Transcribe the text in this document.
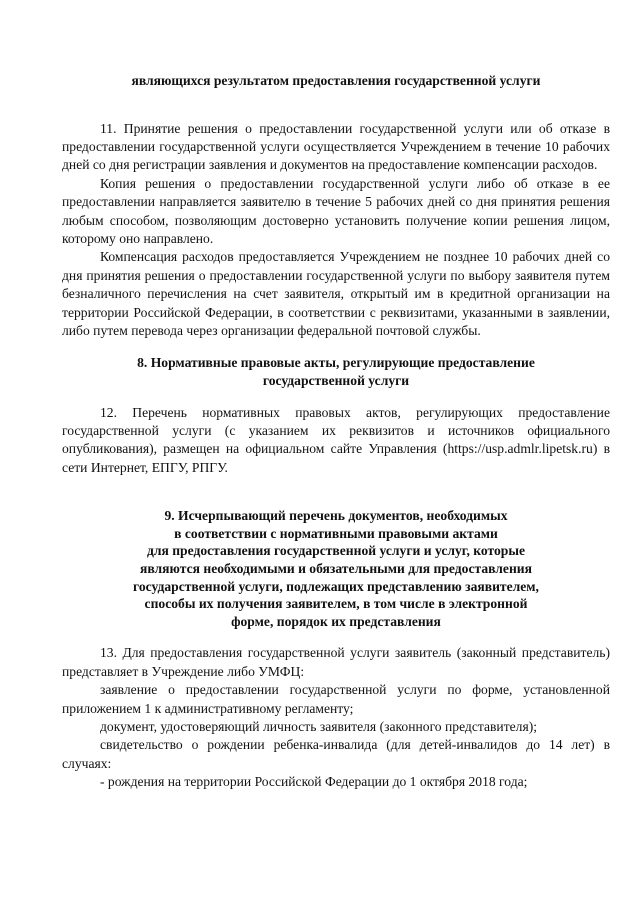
являющихся результатом предоставления государственной услуги

11. Принятие решения о предоставлении государственной услуги или об отказе в предоставлении государственной услуги осуществляется Учреждением в течение 10 рабочих дней со дня регистрации заявления и документов на предоставление компенсации расходов.

Копия решения о предоставлении государственной услуги либо об отказе в ее предоставлении направляется заявителю в течение 5 рабочих дней со дня принятия решения любым способом, позволяющим достоверно установить получение копии решения лицом, которому оно направлено.

Компенсация расходов предоставляется Учреждением не позднее 10 рабочих дней со дня принятия решения о предоставлении государственной услуги по выбору заявителя путем безналичного перечисления на счет заявителя, открытый им в кредитной организации на территории Российской Федерации, в соответствии с реквизитами, указанными в заявлении, либо путем перевода через организации федеральной почтовой службы.

8. Нормативные правовые акты, регулирующие предоставление
государственной услуги

12. Перечень нормативных правовых актов, регулирующих предоставление государственной услуги (с указанием их реквизитов и источников официального опубликования), размещен на официальном сайте Управления (https://usp.admlr.lipetsk.ru) в сети Интернет, ЕПГУ, РПГУ.

9. Исчерпывающий перечень документов, необходимых
в соответствии с нормативными правовыми актами
для предоставления государственной услуги и услуг, которые
являются необходимыми и обязательными для предоставления
государственной услуги, подлежащих представлению заявителем,
способы их получения заявителем, в том числе в электронной
форме, порядок их представления

13. Для предоставления государственной услуги заявитель (законный представитель) представляет в Учреждение либо УМФЦ:

заявление о предоставлении государственной услуги по форме, установленной приложением 1 к административному регламенту;

документ, удостоверяющий личность заявителя (законного представителя);

свидетельство о рождении ребенка-инвалида (для детей-инвалидов до 14 лет) в случаях:

- рождения на территории Российской Федерации до 1 октября 2018 года;
